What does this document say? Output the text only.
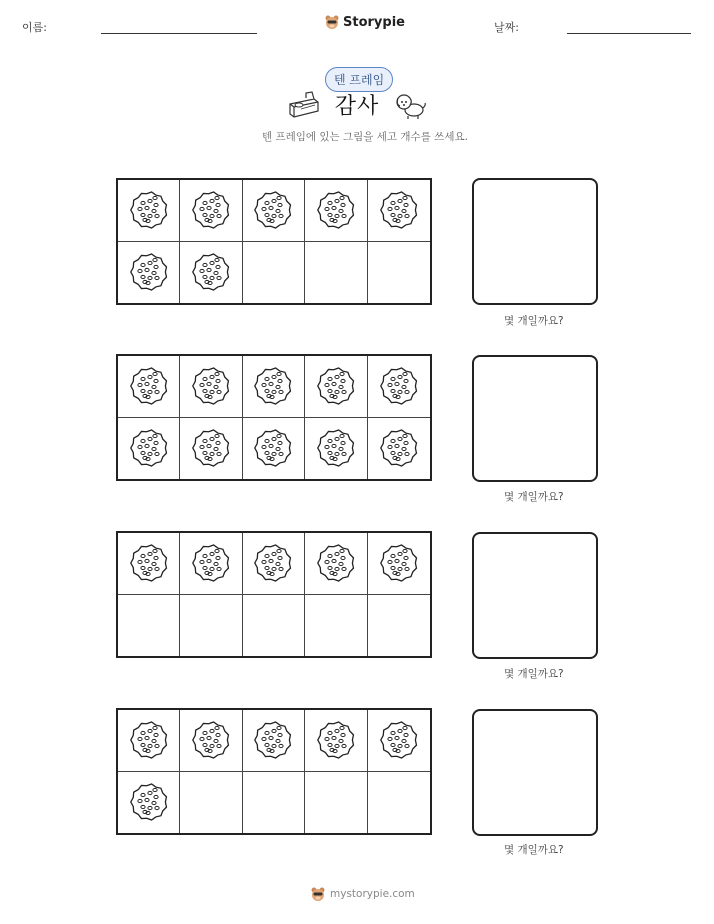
이름:	Storypie	날짜:
텐 프레임
감사
텐 프레임에 있는 그림을 세고 개수를 쓰세요.
몇 개일까요?
몇 개일까요?
몇 개일까요?
몇 개일까요?
mystorypie.com
